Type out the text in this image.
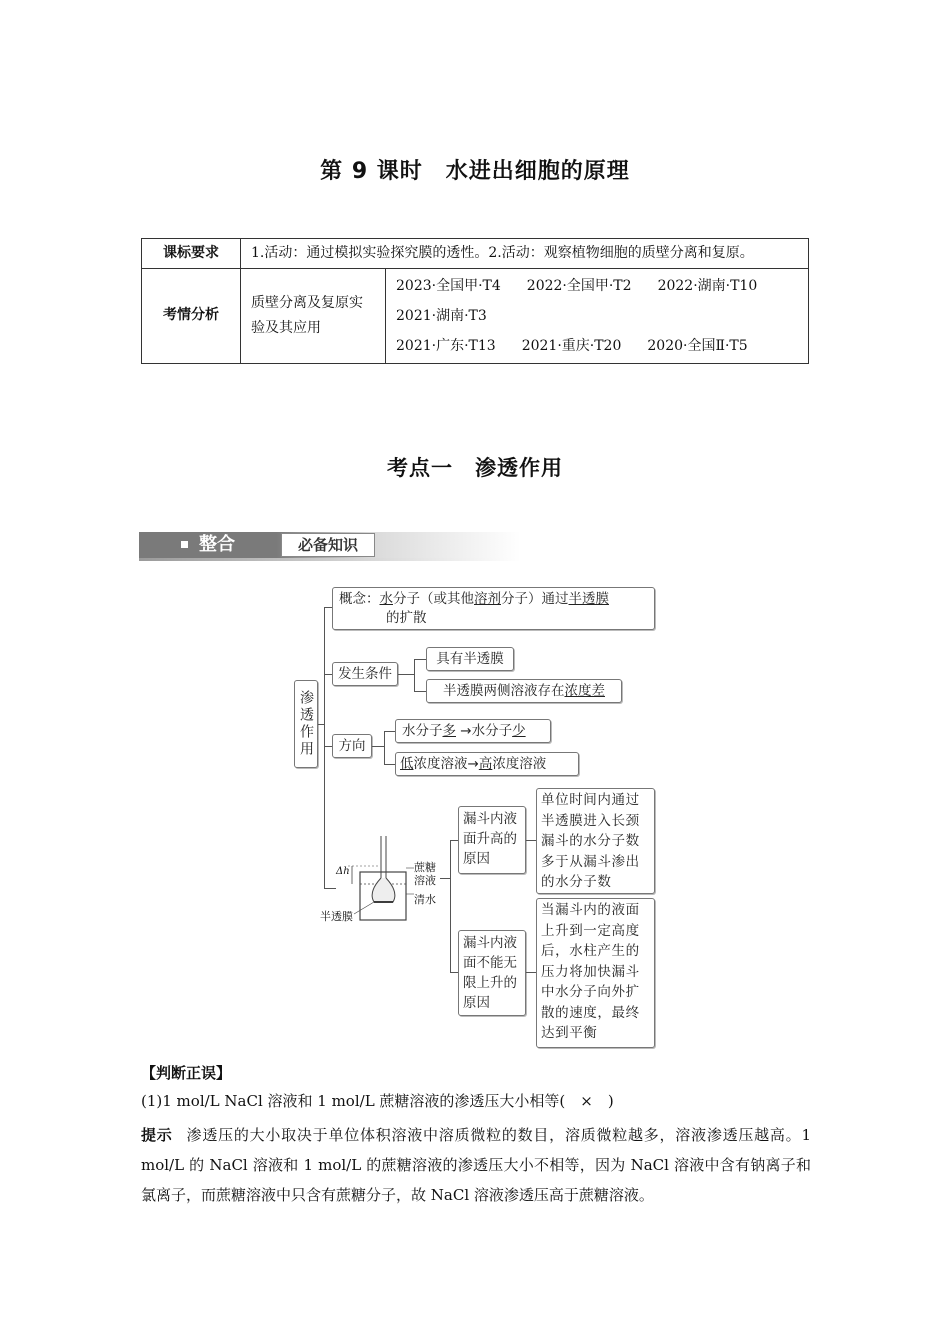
第 9 课时　水进出细胞的原理
课标要求	1.活动：通过模拟实验探究膜的透性。2.活动：观察植物细胞的质壁分离和复原。	
考情分析	质壁分离及复原实验及其应用	2023·全国甲·T4 2022·全国甲·T2 2022·湖南·T10
2021·湖南·T3
2021·广东·T13 2021·重庆·T20 2020·全国Ⅱ·T5
考点一　渗透作用
整合	必备知识
渗透作用
概念：水分子（或其他溶剂分子）通过半透膜
的扩散
发生条件
具有半透膜
半透膜两侧溶液存在浓度差
方向
水分子多 →水分子少
低浓度溶液→高浓度溶液
Δh	蔗糖溶液
清水
半透膜
漏斗内液面升高的原因
单位时间内通过半透膜进入长颈漏斗的水分子数多于从漏斗渗出的水分子数
漏斗内液面不能无限上升的原因
当漏斗内的液面上升到一定高度后，水柱产生的压力将加快漏斗中水分子向外扩散的速度，最终达到平衡
【判断正误】
(1)1 mol/L NaCl 溶液和 1 mol/L 蔗糖溶液的渗透压大小相等(　×　)
提示 渗透压的大小取决于单位体积溶液中溶质微粒的数目，溶质微粒越多，溶液渗透压越高。1 mol/L 的 NaCl 溶液和 1 mol/L 的蔗糖溶液的渗透压大小不相等，因为 NaCl 溶液中含有钠离子和氯离子，而蔗糖溶液中只含有蔗糖分子，故 NaCl 溶液渗透压高于蔗糖溶液。
